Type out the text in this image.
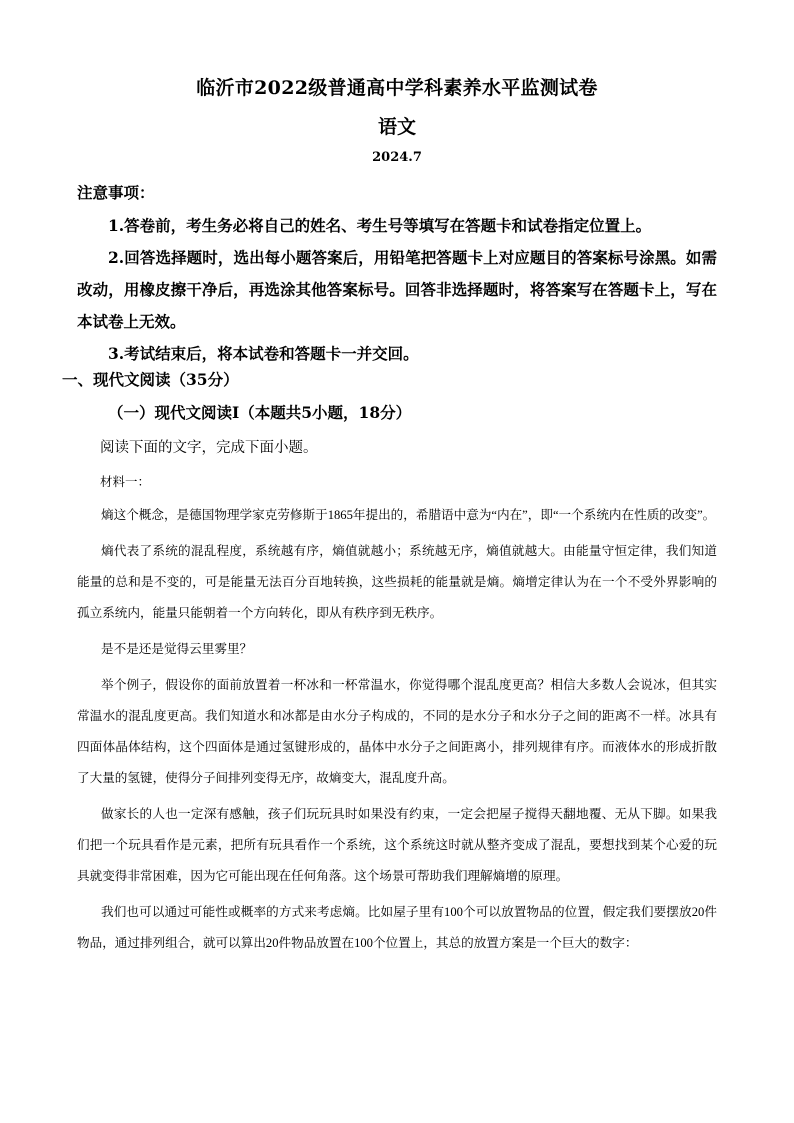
临沂市2022级普通高中学科素养水平监测试卷
语文
2024.7
注意事项：

1.答卷前，考生务必将自己的姓名、考生号等填写在答题卡和试卷指定位置上。

2.回答选择题时，选出每小题答案后，用铅笔把答题卡上对应题目的答案标号涂黑。如需改动，用橡皮擦干净后，再选涂其他答案标号。回答非选择题时，将答案写在答题卡上，写在本试卷上无效。

3.考试结束后，将本试卷和答题卡一并交回。

一、现代文阅读（35分）
（一）现代文阅读Ⅰ（本题共5小题，18分）
阅读下面的文字，完成下面小题。
材料一：

熵这个概念，是德国物理学家克劳修斯于1865年提出的，希腊语中意为“内在”，即“一个系统内在性质的改变”。

熵代表了系统的混乱程度，系统越有序，熵值就越小；系统越无序，熵值就越大。由能量守恒定律，我们知道能量的总和是不变的，可是能量无法百分百地转换，这些损耗的能量就是熵。熵增定律认为在一个不受外界影响的孤立系统内，能量只能朝着一个方向转化，即从有秩序到无秩序。

是不是还是觉得云里雾里？

举个例子，假设你的面前放置着一杯冰和一杯常温水，你觉得哪个混乱度更高？相信大多数人会说冰，但其实常温水的混乱度更高。我们知道水和冰都是由水分子构成的，不同的是水分子和水分子之间的距离不一样。冰具有四面体晶体结构，这个四面体是通过氢键形成的，晶体中水分子之间距离小，排列规律有序。而液体水的形成折散了大量的氢键，使得分子间排列变得无序，故熵变大，混乱度升高。

做家长的人也一定深有感触，孩子们玩玩具时如果没有约束，一定会把屋子搅得天翻地覆、无从下脚。如果我们把一个玩具看作是元素，把所有玩具看作一个系统，这个系统这时就从整齐变成了混乱，要想找到某个心爱的玩具就变得非常困难，因为它可能出现在任何角落。这个场景可帮助我们理解熵增的原理。

我们也可以通过可能性或概率的方式来考虑熵。比如屋子里有100个可以放置物品的位置，假定我们要摆放20件物品，通过排列组合，就可以算出20件物品放置在100个位置上，其总的放置方案是一个巨大的数字：
